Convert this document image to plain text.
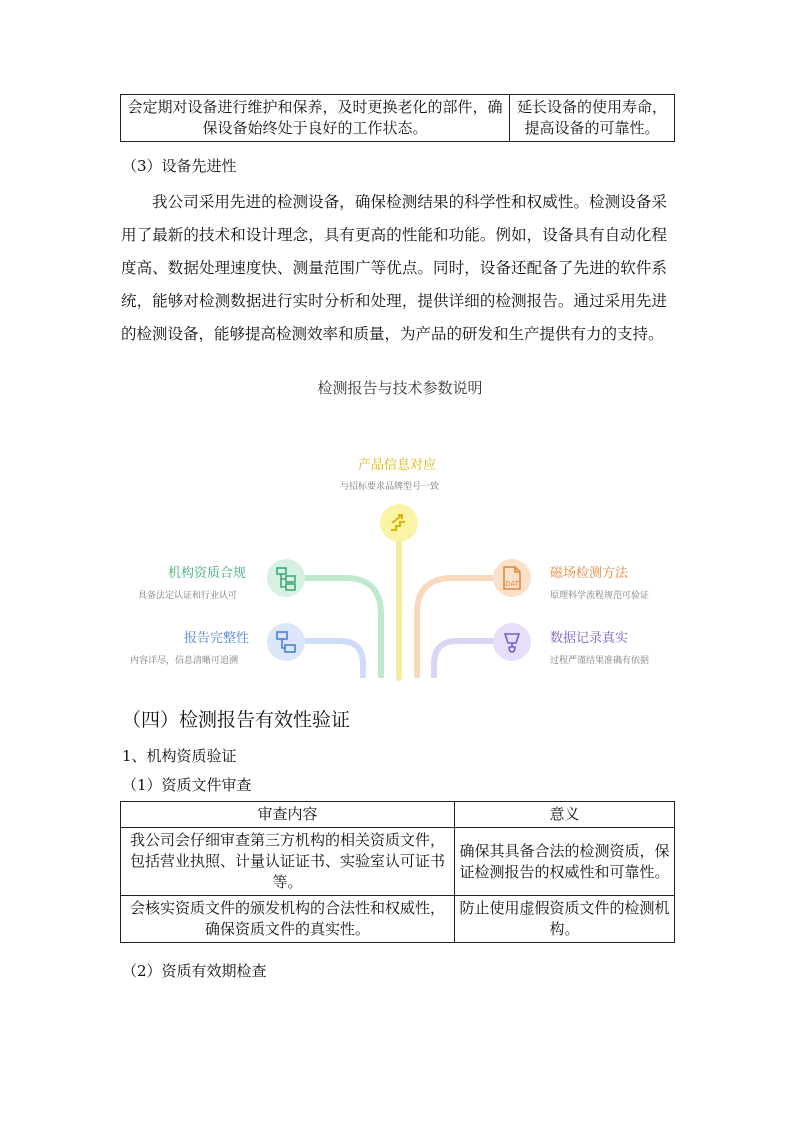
会定期对设备进行维护和保养，及时更换老化的部件，确保设备始终处于良好的工作状态。	延长设备的使用寿命，提高设备的可靠性。
（3）设备先进性

我公司采用先进的检测设备，确保检测结果的科学性和权威性。检测设备采用了最新的技术和设计理念，具有更高的性能和功能。例如，设备具有自动化程度高、数据处理速度快、测量范围广等优点。同时，设备还配备了先进的软件系统，能够对检测数据进行实时分析和处理，提供详细的检测报告。通过采用先进的检测设备，能够提高检测效率和质量，为产品的研发和生产提供有力的支持。

检测报告与技术参数说明
产品信息对应
与招标要求品牌型号一致
机构资质合规
具备法定认证和行业认可
报告完整性
内容详尽，信息清晰可追溯
磁场检测方法
原理科学流程规范可验证
DAT
数据记录真实
过程严谨结果准确有依据
（四）检测报告有效性验证
1、机构资质验证
（1）资质文件审查
审查内容	意义
我公司会仔细审查第三方机构的相关资质文件，包括营业执照、计量认证证书、实验室认可证书等。	确保其具备合法的检测资质，保证检测报告的权威性和可靠性。
会核实资质文件的颁发机构的合法性和权威性，确保资质文件的真实性。	防止使用虚假资质文件的检测机构。
（2）资质有效期检查
